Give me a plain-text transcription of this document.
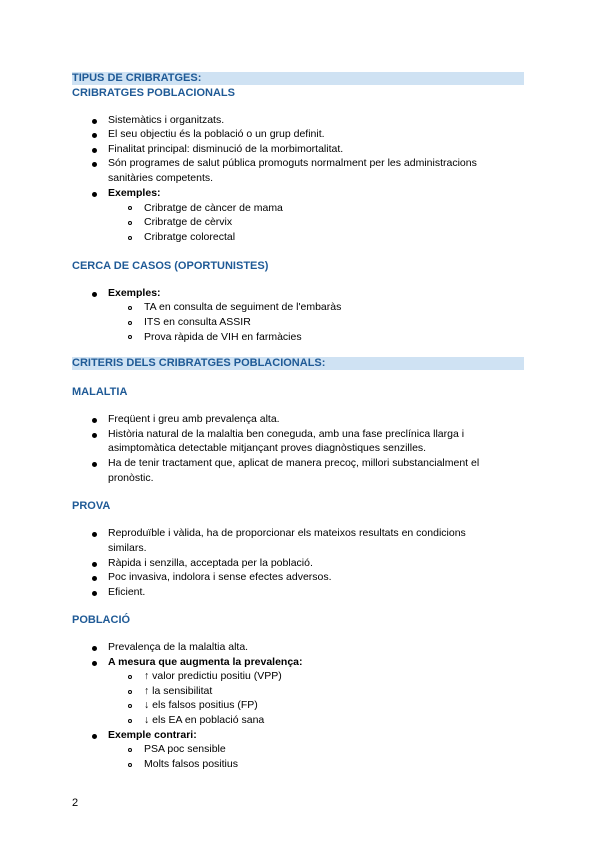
TIPUS DE CRIBRATGES:
CRIBRATGES POBLACIONALS
Sistemàtics i organitzats.
El seu objectiu és la població o un grup definit.
Finalitat principal: disminució de la morbimortalitat.
Són programes de salut pública promoguts normalment per les administracions
sanitàries competents.
Exemples:
Cribratge de càncer de mama
Cribratge de cèrvix
Cribratge colorectal
CERCA DE CASOS (OPORTUNISTES)
Exemples:
TA en consulta de seguiment de l'embaràs
ITS en consulta ASSIR
Prova ràpida de VIH en farmàcies
CRITERIS DELS CRIBRATGES POBLACIONALS:
MALALTIA
Freqüent i greu amb prevalença alta.
Història natural de la malaltia ben coneguda, amb una fase preclínica llarga i
asimptomàtica detectable mitjançant proves diagnòstiques senzilles.
Ha de tenir tractament que, aplicat de manera precoç, millori substancialment el
pronòstic.
PROVA
Reproduïble i vàlida, ha de proporcionar els mateixos resultats en condicions
similars.
Ràpida i senzilla, acceptada per la població.
Poc invasiva, indolora i sense efectes adversos.
Eficient.
POBLACIÓ
Prevalença de la malaltia alta.
A mesura que augmenta la prevalença:
↑ valor predictiu positiu (VPP)
↑ la sensibilitat
↓ els falsos positius (FP)
↓ els EA en població sana
Exemple contrari:
PSA poc sensible
Molts falsos positius
2
